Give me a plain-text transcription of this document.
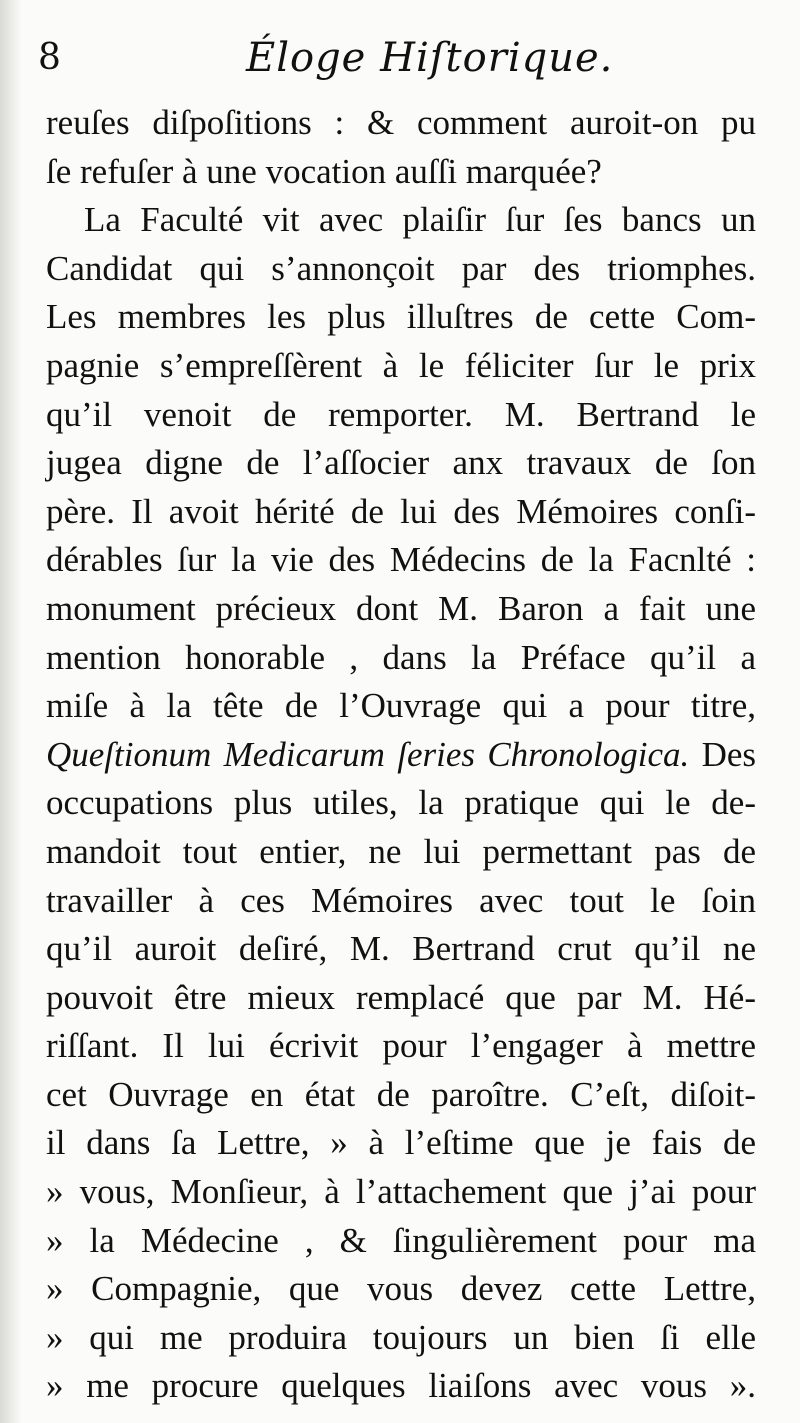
8	Éloge Hiſtorique.
reuſes diſpoſitions : & comment auroit-on pu
ſe refuſer à une vocation auſſi marquée?
La Faculté vit avec plaiſir ſur ſes bancs un
Candidat qui s’annonçoit par des triomphes.
Les membres les plus illuſtres de cette Com-
pagnie s’empreſſèrent à le féliciter ſur le prix
qu’il venoit de remporter. M. Bertrand le
jugea digne de l’aſſocier anx travaux de ſon
père. Il avoit hérité de lui des Mémoires conſi-
dérables ſur la vie des Médecins de la Facnlté :
monument précieux dont M. Baron a fait une
mention honorable , dans la Préface qu’il a
miſe à la tête de l’Ouvrage qui a pour titre,
Queſtionum Medicarum ſeries Chronologica. Des
occupations plus utiles, la pratique qui le de-
mandoit tout entier, ne lui permettant pas de
travailler à ces Mémoires avec tout le ſoin
qu’il auroit deſiré, M. Bertrand crut qu’il ne
pouvoit être mieux remplacé que par M. Hé-
riſſant. Il lui écrivit pour l’engager à mettre
cet Ouvrage en état de paroître. C’eſt, diſoit-
il dans ſa Lettre, » à l’eſtime que je fais de
» vous, Monſieur, à l’attachement que j’ai pour
» la Médecine , & ſingulièrement pour ma
» Compagnie, que vous devez cette Lettre,
» qui me produira toujours un bien ſi elle
» me procure quelques liaiſons avec vous ».
